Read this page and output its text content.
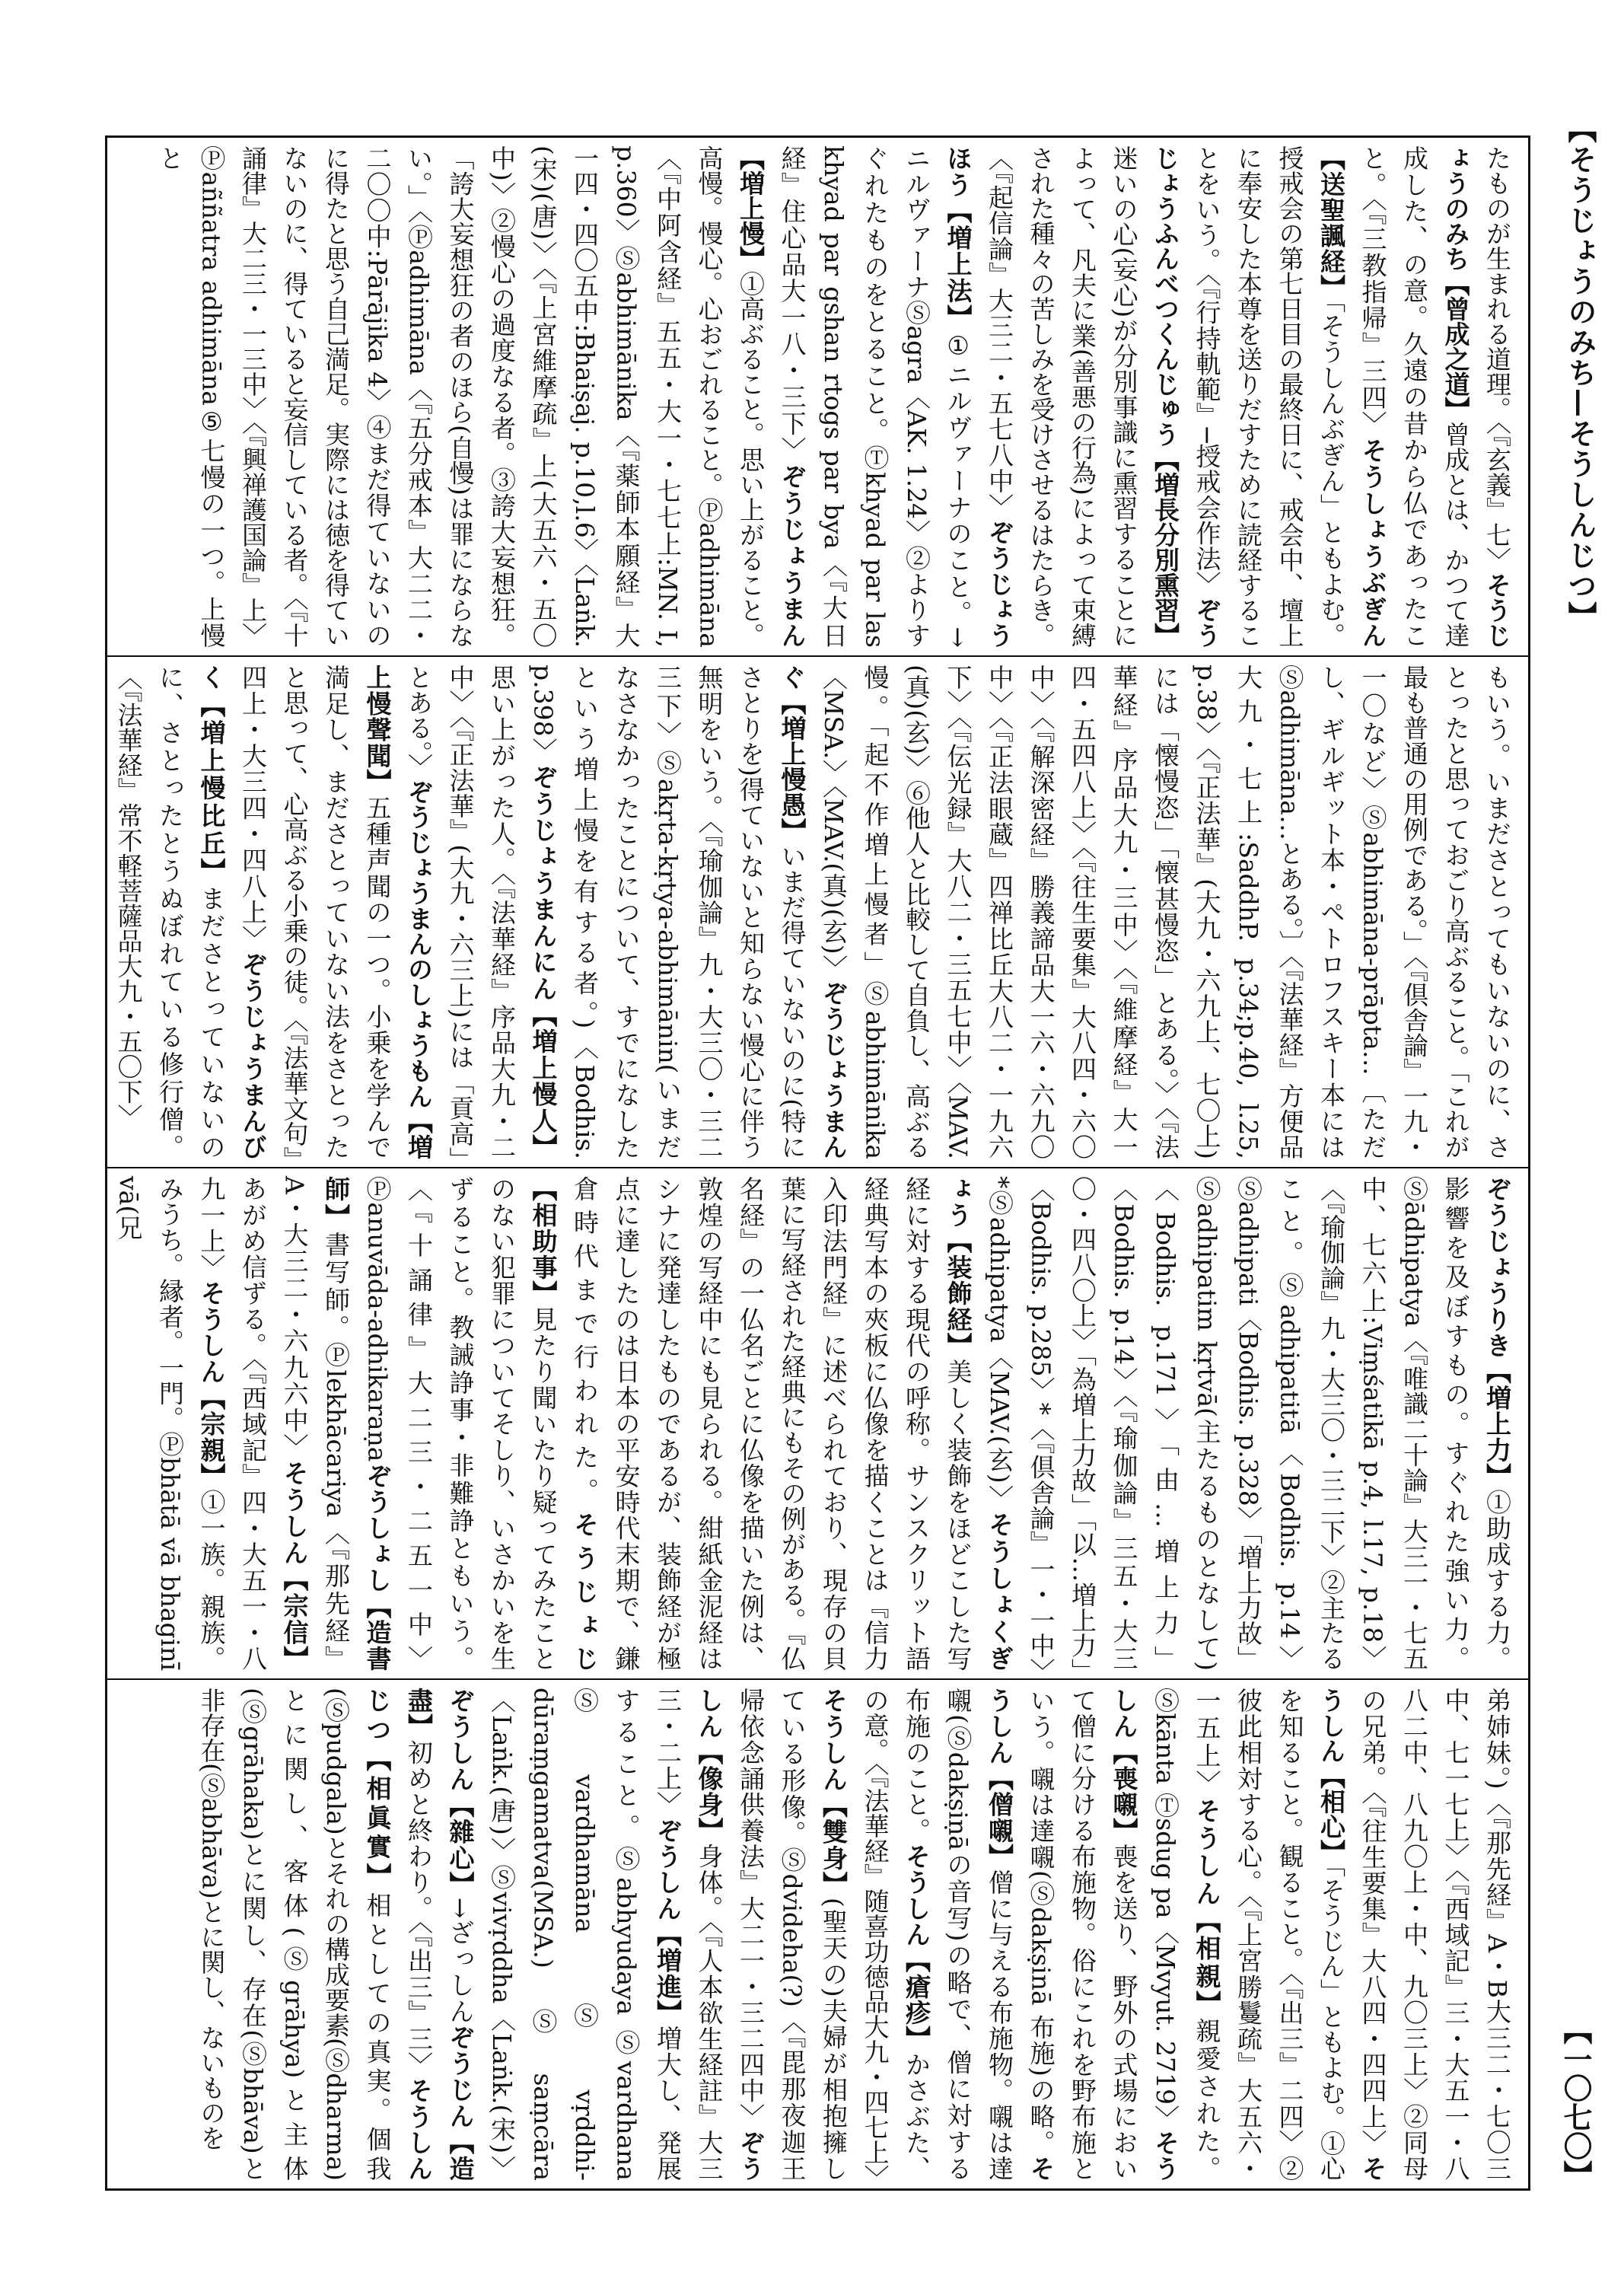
【そうじょうのみち—そうしんじつ】
【一〇七〇】
たものが生まれる道理。〈『玄義』七〉そうじょうのみち【曾成之道】曾成とは、かつて達成した、の意。久遠の昔から仏であったこと。〈『三教指帰』三四〉そうしょうぶぎん【送聖諷経】「そうしんぶぎん」ともよむ。授戒会の第七日目の最終日に、戒会中、壇上に奉安した本尊を送りだすために読経することをいう。〈『行持軌範』─授戒会作法〉ぞうじょうふんべつくんじゅう【増長分別熏習】迷いの心(妄心)が分別事識に熏習することによって、凡夫に業(善悪の行為)によって束縛された種々の苦しみを受けさせるはたらき。〈『起信論』大三二・五七八中〉ぞうじょうほう【増上法】①ニルヴァーナのこと。→ニルヴァーナⓈagra〈AK. 1.24〉②よりすぐれたものをとること。Ⓣkhyad par las khyad par gshan rtogs par bya〈『大日経』住心品大一八・三下〉ぞうじょうまん【増上慢】①高ぶること。思い上がること。高慢。慢心。心おごれること。Ⓟadhimāna〈『中阿含経』五五・大一・七七上:MN. I, p.360〉Ⓢabhimānika〈『薬師本願経』大一四・四〇五中:Bhaiṣaj. p.10,l.6〉〈Laṅk.(宋)(唐)〉〈『上宮維摩疏』上(大五六・五〇中)〉②慢心の過度なる者。③誇大妄想狂。「誇大妄想狂の者のほら(自慢)は罪にならない。」〈Ⓟadhimāna〈『五分戒本』大二二・二〇〇中:Pārājika 4〉④まだ得ていないのに得たと思う自己満足。実際には徳を得ていないのに、得ていると妄信している者。〈『十誦律』大二三・一三中〉〈『興禅護国論』上〉Ⓟaññatra adhimāna⑤七慢の一つ。上慢と
もいう。いまださとってもいないのに、さとったと思っておごり高ぶること。「これが最も普通の用例である。」〈『倶舎論』一九・一〇など〉Ⓢabhimāna-prāpta…〔ただし、ギルギット本・ペトロフスキー本にはⓈadhimāna…とある。〕〈『法華経』方便品大九・七上:SaddhP. p.34;p.40, l.25, p.38〉〈『正法華』(大九・六九上、七〇上)には「懐慢恣」「懐甚慢恣」とある。〉〈『法華経』序品大九・三中〉〈『維摩経』大一四・五四八上〉〈『往生要集』大八四・六〇中〉〈『解深密経』勝義諦品大一六・六九〇中〉〈『正法眼蔵』四禅比丘大八二・一九六下〉〈『伝光録』大八二・三五七中〉〈MAV.(真)(玄)〉⑥他人と比較して自負し、高ぶる慢。「起不作増上慢者」Ⓢabhimānika〈MSA.〉〈MAV.(真)(玄)〉ぞうじょうまんぐ【増上慢愚】いまだ得ていないのに(特にさとりを)得ていないと知らない慢心に伴う無明をいう。〈『瑜伽論』九・大三〇・三二三下〉Ⓢakṛta-kṛtya-abhimānin(いまだなさなかったことについて、すでになしたという増上慢を有する者。)〈Bodhis. p.398〉ぞうじょうまんにん【増上慢人】思い上がった人。〈『法華経』序品大九・二中〉〈『正法華』(大九・六三上)には「貢高」とある。〉ぞうじょうまんのしょうもん【増上慢聲聞】五種声聞の一つ。小乗を学んで満足し、まださとっていない法をさとったと思って、心高ぶる小乗の徒。〈『法華文句』四上・大三四・四八上〉ぞうじょうまんびく【増上慢比丘】まださとっていないのに、さとったとうぬぼれている修行僧。〈『法華経』常不軽菩薩品大九・五〇下〉
ぞうじょうりき【増上力】①助成する力。影響を及ぼすもの。すぐれた強い力。Ⓢādhipatya〈『唯識二十論』大三一・七五中、七六上:Viṃśatikā p.4, l.17, p.18〉〈『瑜伽論』九・大三〇・三二下〉②主たること。Ⓢadhipatitā〈Bodhis. p.14〉Ⓢadhipati〈Bodhis. p.328〉「増上力故」Ⓢadhipatim kṛtvā(主たるものとなして)〈Bodhis. p.171〉「由…増上力」〈Bodhis. p.14〉〈『瑜伽論』三五・大三〇・四八〇上〉「為増上力故」「以…増上力」〈Bodhis. p.285〉*〈『倶舎論』一・一中〉*Ⓢadhipatya〈MAV.(玄)〉そうしょくぎょう【装飾経】美しく装飾をほどこした写経に対する現代の呼称。サンスクリット語経典写本の夾板に仏像を描くことは『信力入印法門経』に述べられており、現存の貝葉に写経された経典にもその例がある。『仏名経』の一仏名ごとに仏像を描いた例は、敦煌の写経中にも見られる。紺紙金泥経はシナに発達したものであるが、装飾経が極点に達したのは日本の平安時代末期で、鎌倉時代まで行われた。そうじょじ【相助事】見たり聞いたり疑ってみたことのない犯罪についてそしり、いさかいを生ずること。教誡諍事・非難諍ともいう。〈『十誦律』大二三・二五一中〉Ⓟanuvāda-adhikaraṇaぞうしょし【造書師】書写師。Ⓟlekhācariya〈『那先経』A・大三二・六九六中〉そうしん【宗信】あがめ信ずる。〈『西域記』四・大五一・八九一上〉そうしん【宗親】①一族。親族。みうち。縁者。一門。Ⓟbhātā vā bhaginī vā(兄
弟姉妹。)〈『那先経』A・B大三二・七〇三中、七一七上〉〈『西域記』三・大五一・八八二中、八九〇上・中、九〇三上〉②同母の兄弟。〈『往生要集』大八四・四四上〉そうしん【相心】「そうじん」ともよむ。①心を知ること。観ること。〈『出三』二四〉②彼此相対する心。〈『上宮勝鬘疏』大五六・一五上〉そうしん【相親】親愛された。Ⓢkānta Ⓣsdug pa〈Mvyut. 2719〉そうしん【喪嚫】喪を送り、野外の式場において僧に分ける布施物。俗にこれを野布施という。嚫は達嚫(Ⓢdakṣinā 布施)の略。そうしん【僧嚫】僧に与える布施物。嚫は達嚫(Ⓢdakṣiṇāの音写)の略で、僧に対する布施のこと。そうしん【瘡疹】かさぶた、の意。〈『法華経』随喜功徳品大九・四七上〉そうしん【雙身】(聖天の)夫婦が相抱擁している形像。Ⓢdvideha(?)〈『毘那夜迦王帰依念誦供養法』大二一・三二四中〉ぞうしん【像身】身体。〈『人本欲生経註』大三三・二上〉ぞうしん【増進】増大し、発展すること。Ⓢabhyudaya Ⓢvardhana Ⓢvardhamāna Ⓢvṛddhi-dūraṃgamatva(MSA.)Ⓢsaṃcāra〈Laṅk.(唐)〉Ⓢvivṛddha〈Laṅk.(宋)〉ぞうしん【雜心】→ざっしんぞうじん【造盡】初めと終わり。〈『出三』三〉そうしんじつ【相眞實】相としての真実。個我(Ⓢpudgala)とそれの構成要素(Ⓢdharma)とに関し、客体(Ⓢgrāhya)と主体(Ⓢgrāhaka)とに関し、存在(Ⓢbhāva)と非存在(Ⓢabhāva)とに関し、ないものを
